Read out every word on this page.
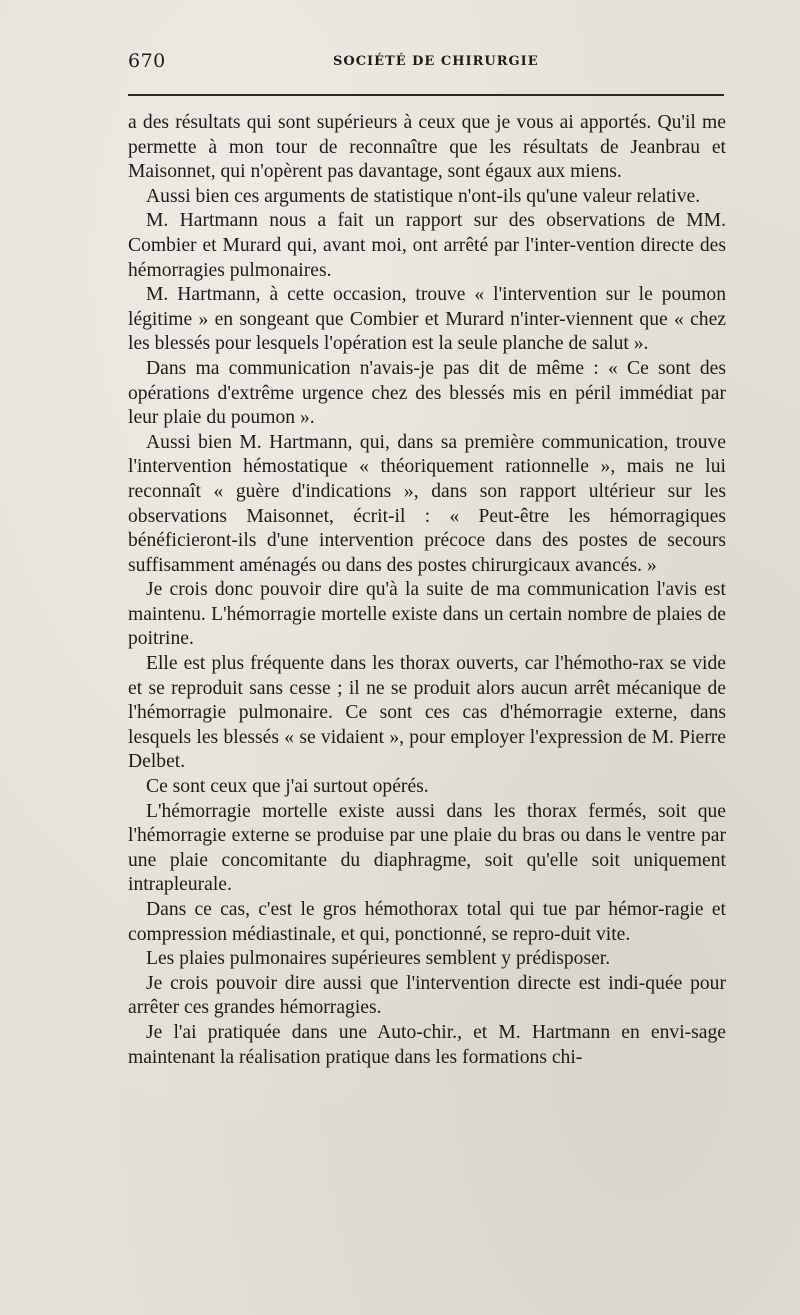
670	SOCIÉTÉ DE CHIRURGIE

a des résultats qui sont supérieurs à ceux que je vous ai apportés. Qu'il me permette à mon tour de reconnaître que les résultats de Jeanbrau et Maisonnet, qui n'opèrent pas davantage, sont égaux aux miens.

Aussi bien ces arguments de statistique n'ont-ils qu'une valeur relative.

M. Hartmann nous a fait un rapport sur des observations de MM. Combier et Murard qui, avant moi, ont arrêté par l'inter-vention directe des hémorragies pulmonaires.

M. Hartmann, à cette occasion, trouve « l'intervention sur le poumon légitime » en songeant que Combier et Murard n'inter-viennent que « chez les blessés pour lesquels l'opération est la seule planche de salut ».

Dans ma communication n'avais-je pas dit de même : « Ce sont des opérations d'extrême urgence chez des blessés mis en péril immédiat par leur plaie du poumon ».

Aussi bien M. Hartmann, qui, dans sa première communication, trouve l'intervention hémostatique « théoriquement rationnelle », mais ne lui reconnaît « guère d'indications », dans son rapport ultérieur sur les observations Maisonnet, écrit-il : « Peut-être les hémorragiques bénéficieront-ils d'une intervention précoce dans des postes de secours suffisamment aménagés ou dans des postes chirurgicaux avancés. »

Je crois donc pouvoir dire qu'à la suite de ma communication l'avis est maintenu. L'hémorragie mortelle existe dans un certain nombre de plaies de poitrine.

Elle est plus fréquente dans les thorax ouverts, car l'hémotho-rax se vide et se reproduit sans cesse ; il ne se produit alors aucun arrêt mécanique de l'hémorragie pulmonaire. Ce sont ces cas d'hémorragie externe, dans lesquels les blessés « se vidaient », pour employer l'expression de M. Pierre Delbet.

Ce sont ceux que j'ai surtout opérés.

L'hémorragie mortelle existe aussi dans les thorax fermés, soit que l'hémorragie externe se produise par une plaie du bras ou dans le ventre par une plaie concomitante du diaphragme, soit qu'elle soit uniquement intrapleurale.

Dans ce cas, c'est le gros hémothorax total qui tue par hémor-ragie et compression médiastinale, et qui, ponctionné, se repro-duit vite.

Les plaies pulmonaires supérieures semblent y prédisposer.

Je crois pouvoir dire aussi que l'intervention directe est indi-quée pour arrêter ces grandes hémorragies.

Je l'ai pratiquée dans une Auto-chir., et M. Hartmann en envi-sage maintenant la réalisation pratique dans les formations chi-
